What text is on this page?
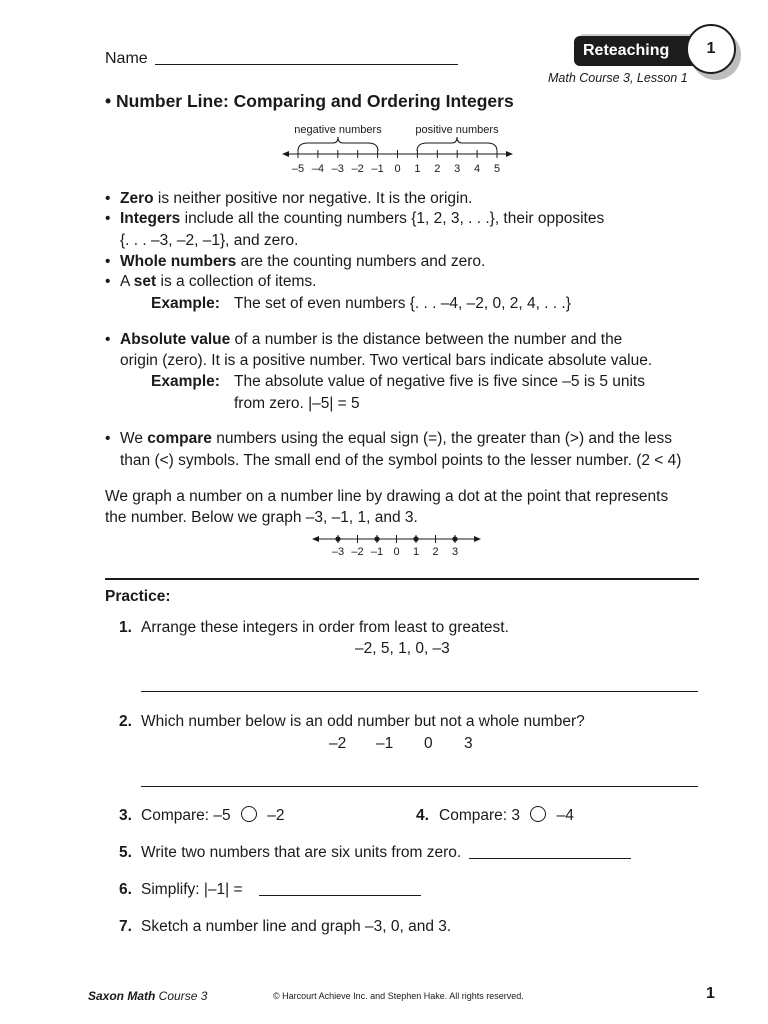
Name	Reteaching	1
Math Course 3, Lesson 1
• Number Line: Comparing and Ordering Integers
negative numbers	positive numbers
–5 –4 –3 –2 –1 0 1 2 3 4 5
• Zero is neither positive nor negative. It is the origin.
• Integers include all the counting numbers {1, 2, 3, . . .}, their opposites
{. . . –3, –2, –1}, and zero.
• Whole numbers are the counting numbers and zero.
• A set is a collection of items.
Example: The set of even numbers {. . . –4, –2, 0, 2, 4, . . .}
• Absolute value of a number is the distance between the number and the
origin (zero). It is a positive number. Two vertical bars indicate absolute value.
Example: The absolute value of negative five is five since –5 is 5 units
from zero. |–5| = 5
• We compare numbers using the equal sign (=), the greater than (>) and the less
than (<) symbols. The small end of the symbol points to the lesser number. (2 < 4)
We graph a number on a number line by drawing a dot at the point that represents
the number. Below we graph –3, –1, 1, and 3.
–3 –2 –1 0 1 2 3
Practice:
1. Arrange these integers in order from least to greatest.
–2, 5, 1, 0, –3
2. Which number below is an odd number but not a whole number?
–2 –1 0 3
3. Compare: –5 –2	4. Compare: 3 –4
5. Write two numbers that are six units from zero.
6. Simplify: |–1| =
7. Sketch a number line and graph –3, 0, and 3.
Saxon Math Course 3	© Harcourt Achieve Inc. and Stephen Hake. All rights reserved.	1
